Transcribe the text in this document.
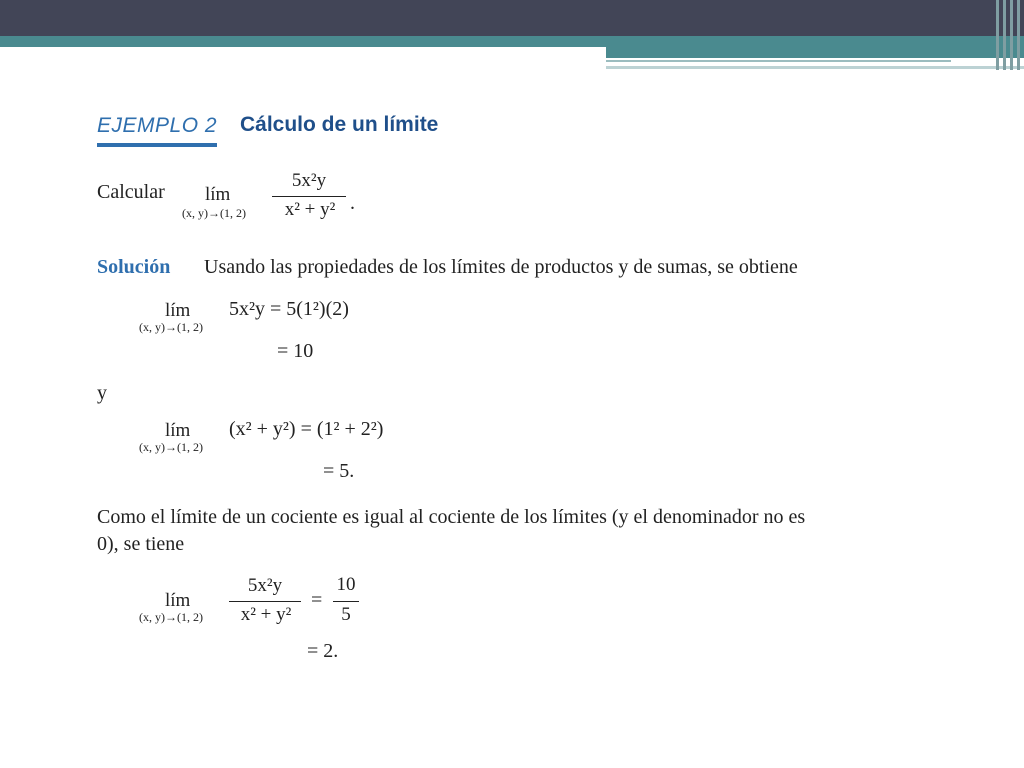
EJEMPLO 2 Cálculo de un límite
Calcular lím
(x, y)→(1, 2)
5x²y
x² + y² .
Solución Usando las propiedades de los límites de productos y de sumas, se obtiene
lím
(x, y)→(1, 2)
5x²y = 5(1²)(2)
= 10
y
lím
(x, y)→(1, 2)
(x² + y²) = (1² + 2²)
= 5.
Como el límite de un cociente es igual al cociente de los límites (y el denominador no es
0), se tiene
lím
(x, y)→(1, 2)
5x²y
x² + y²
=
10
5
= 2.
